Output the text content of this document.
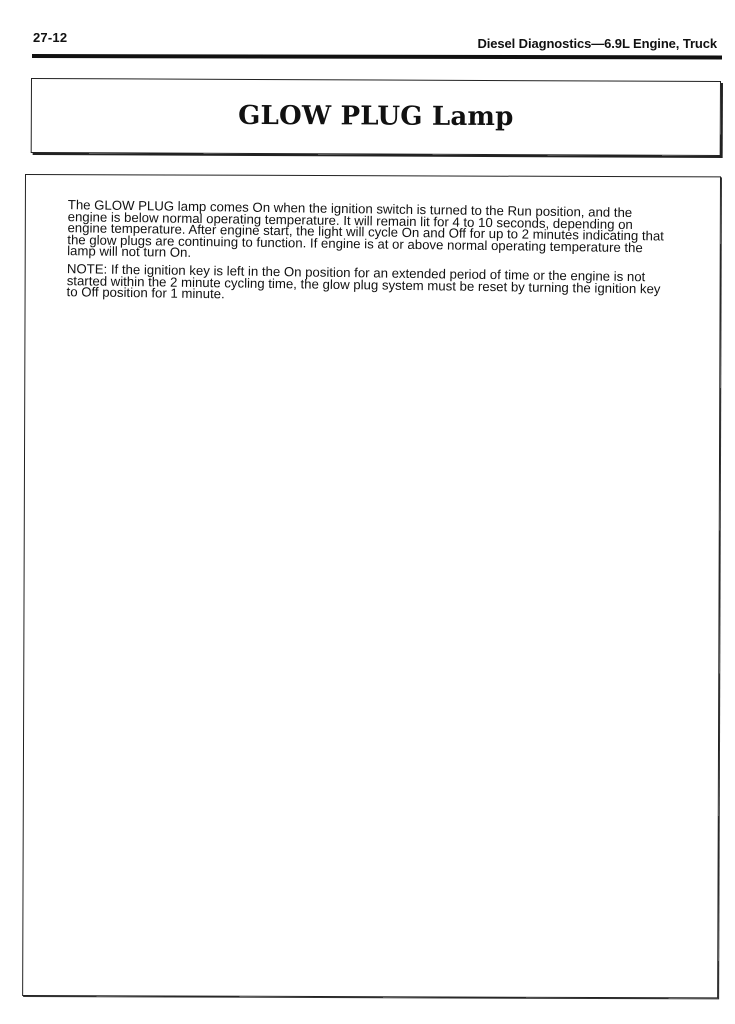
27-12	Diesel Diagnostics—6.9L Engine, Truck
GLOW PLUG Lamp

The GLOW PLUG lamp comes On when the ignition switch is turned to the Run position, and the engine is below normal operating temperature. It will remain lit for 4 to 10 seconds, depending on engine temperature. After engine start, the light will cycle On and Off for up to 2 minutes indicating that the glow plugs are continuing to function. If engine is at or above normal operating temperature the lamp will not turn On.

NOTE: If the ignition key is left in the On position for an extended period of time or the engine is not started within the 2 minute cycling time, the glow plug system must be reset by turning the ignition key to Off position for 1 minute.
